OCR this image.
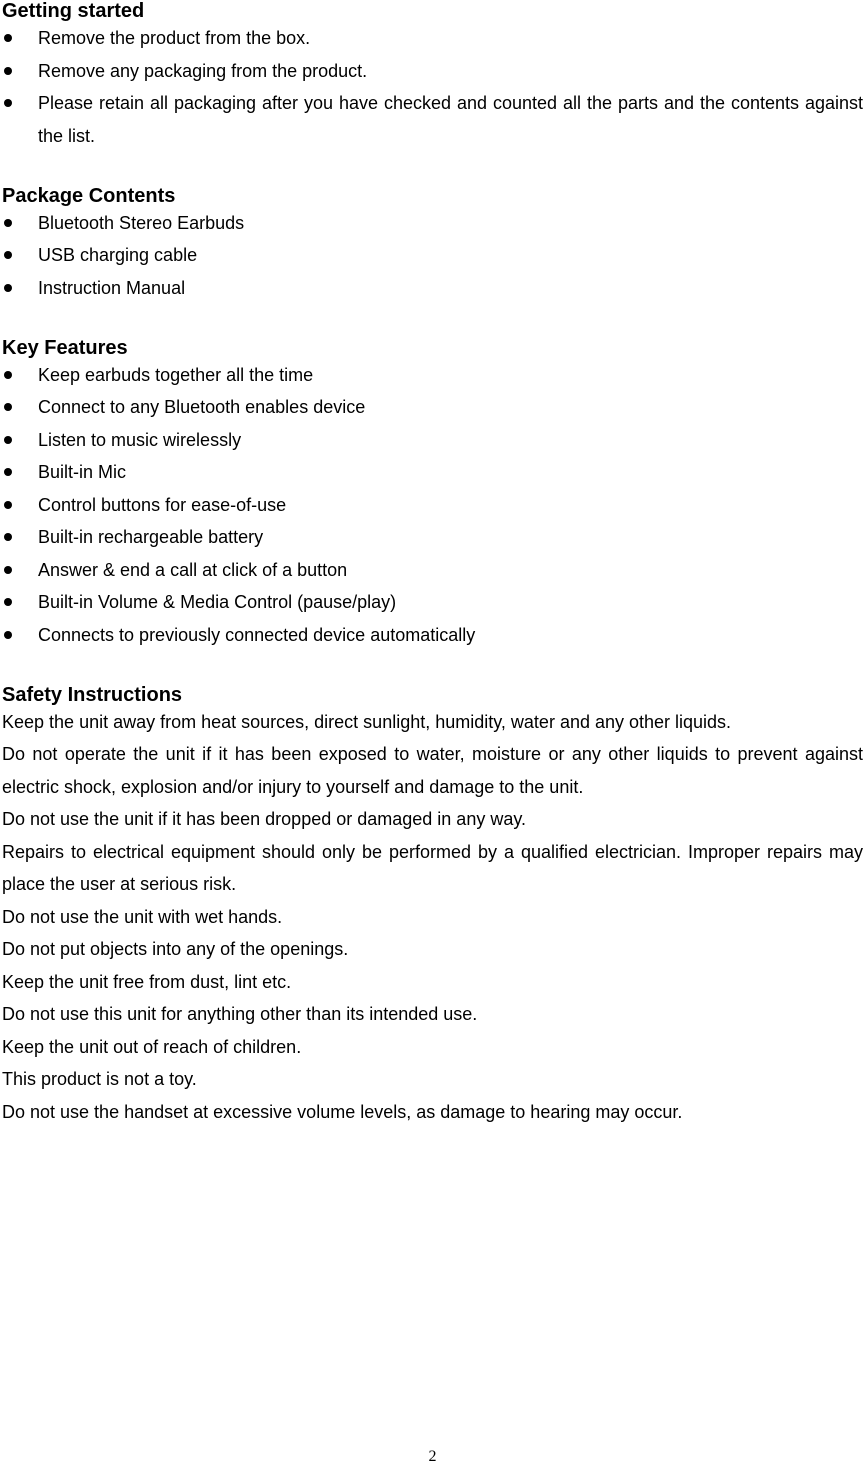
Getting started
Remove the product from the box.
Remove any packaging from the product.
Please retain all packaging after you have checked and counted all the parts and the contents against the list.
Package Contents
Bluetooth Stereo Earbuds
USB charging cable
Instruction Manual
Key Features
Keep earbuds together all the time
Connect to any Bluetooth enables device
Listen to music wirelessly
Built-in Mic
Control buttons for ease-of-use
Built-in rechargeable battery
Answer & end a call at click of a button
Built-in Volume & Media Control (pause/play)
Connects to previously connected device automatically
Safety Instructions

Keep the unit away from heat sources, direct sunlight, humidity, water and any other liquids.

Do not operate the unit if it has been exposed to water, moisture or any other liquids to prevent against electric shock, explosion and/or injury to yourself and damage to the unit.

Do not use the unit if it has been dropped or damaged in any way.

Repairs to electrical equipment should only be performed by a qualified electrician. Improper repairs may place the user at serious risk.

Do not use the unit with wet hands.

Do not put objects into any of the openings.

Keep the unit free from dust, lint etc.

Do not use this unit for anything other than its intended use.

Keep the unit out of reach of children.

This product is not a toy.

Do not use the handset at excessive volume levels, as damage to hearing may occur.

2
